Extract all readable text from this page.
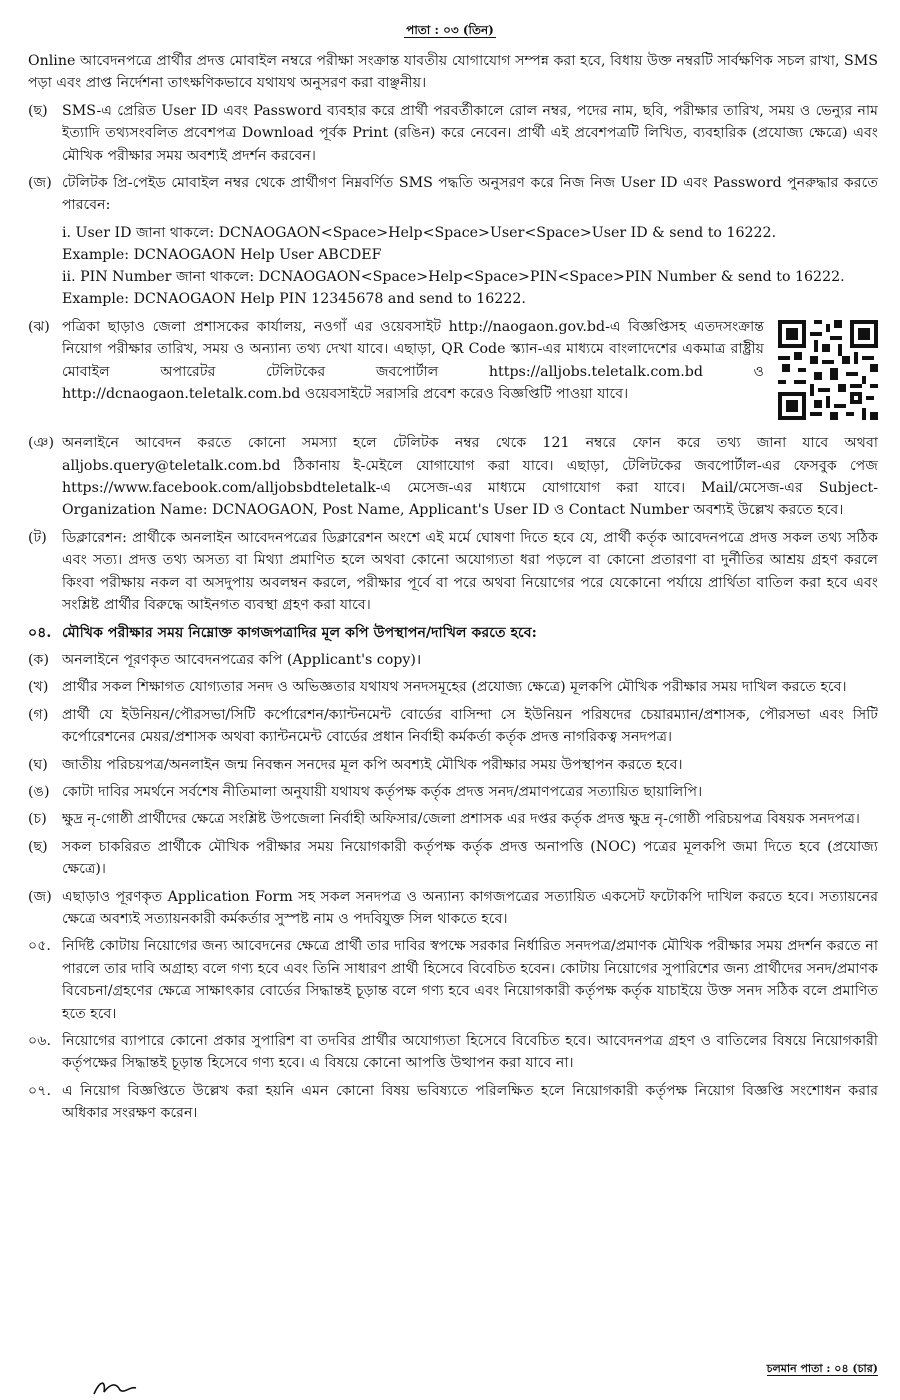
পাতা : ০৩ (তিন)

Online আবেদনপত্রে প্রার্থীর প্রদত্ত মোবাইল নম্বরে পরীক্ষা সংক্রান্ত যাবতীয় যোগাযোগ সম্পন্ন করা হবে, বিধায় উক্ত নম্বরটি সার্বক্ষণিক সচল রাখা, SMS পড়া এবং প্রাপ্ত নির্দেশনা তাৎক্ষণিকভাবে যথাযথ অনুসরণ করা বাঞ্ছনীয়।

(ছ)	SMS-এ প্রেরিত User ID এবং Password ব্যবহার করে প্রার্থী পরবর্তীকালে রোল নম্বর, পদের নাম, ছবি, পরীক্ষার তারিখ, সময় ও ভেন্যুর নাম ইত্যাদি তথ্যসংবলিত প্রবেশপত্র Download পূর্বক Print (রঙিন) করে নেবেন। প্রার্থী এই প্রবেশপত্রটি লিখিত, ব্যবহারিক (প্রযোজ্য ক্ষেত্রে) এবং মৌখিক পরীক্ষার সময় অবশ্যই প্রদর্শন করবেন।
(জ) টেলিটক প্রি-পেইড মোবাইল নম্বর থেকে প্রার্থীগণ নিম্নবর্ণিত SMS পদ্ধতি অনুসরণ করে নিজ নিজ User ID এবং Password পুনরুদ্ধার করতে পারবেন:
i. User ID জানা থাকলে: DCNAOGAON<Space>Help<Space>User<Space>User ID & send to 16222.
Example: DCNAOGAON Help User ABCDEF
ii. PIN Number জানা থাকলে: DCNAOGAON<Space>Help<Space>PIN<Space>PIN Number & send to 16222.
Example: DCNAOGAON Help PIN 12345678 and send to 16222.
(ঝ) পত্রিকা ছাড়াও জেলা প্রশাসকের কার্যালয়, নওগাঁ এর ওয়েবসাইট http://naogaon.gov.bd-এ বিজ্ঞপ্তিসহ এতদসংক্রান্ত নিয়োগ পরীক্ষার তারিখ, সময় ও অন্যান্য তথ্য দেখা যাবে। এছাড়া, QR Code স্ক্যান-এর মাধ্যমে বাংলাদেশের একমাত্র রাষ্ট্রীয় মোবাইল অপারেটর টেলিটকের জবপোর্টাল https://alljobs.teletalk.com.bd ও http://dcnaogaon.teletalk.com.bd ওয়েবসাইটে সরাসরি প্রবেশ করেও বিজ্ঞপ্তিটি পাওয়া যাবে।
(ঞ) অনলাইনে আবেদন করতে কোনো সমস্যা হলে টেলিটক নম্বর থেকে 121 নম্বরে ফোন করে তথ্য জানা যাবে অথবা alljobs.query@teletalk.com.bd ঠিকানায় ই-মেইলে যোগাযোগ করা যাবে। এছাড়া, টেলিটকের জবপোর্টাল-এর ফেসবুক পেজ https://www.facebook.com/alljobsbdteletalk-এ মেসেজ-এর মাধ্যমে যোগাযোগ করা যাবে। Mail/মেসেজ-এর Subject-Organization Name: DCNAOGAON, Post Name, Applicant's User ID ও Contact Number অবশ্যই উল্লেখ করতে হবে।
(ট)	ডিক্লারেশন: প্রার্থীকে অনলাইন আবেদনপত্রের ডিক্লারেশন অংশে এই মর্মে ঘোষণা দিতে হবে যে, প্রার্থী কর্তৃক আবেদনপত্রে প্রদত্ত সকল তথ্য সঠিক এবং সত্য। প্রদত্ত তথ্য অসত্য বা মিথ্যা প্রমাণিত হলে অথবা কোনো অযোগ্যতা ধরা পড়লে বা কোনো প্রতারণা বা দুর্নীতির আশ্রয় গ্রহণ করলে কিংবা পরীক্ষায় নকল বা অসদুপায় অবলম্বন করলে, পরীক্ষার পূর্বে বা পরে অথবা নিয়োগের পরে যেকোনো পর্যায়ে প্রার্থিতা বাতিল করা হবে এবং সংশ্লিষ্ট প্রার্থীর বিরুদ্ধে আইনগত ব্যবস্থা গ্রহণ করা যাবে।
০৪. মৌখিক পরীক্ষার সময় নিম্নোক্ত কাগজপত্রাদির মূল কপি উপস্থাপন/দাখিল করতে হবে:
(ক) অনলাইনে পূরণকৃত আবেদনপত্রের কপি (Applicant's copy)।
(খ) প্রার্থীর সকল শিক্ষাগত যোগ্যতার সনদ ও অভিজ্ঞতার যথাযথ সনদসমূহের (প্রযোজ্য ক্ষেত্রে) মূলকপি মৌখিক পরীক্ষার সময় দাখিল করতে হবে।
(গ) প্রার্থী যে ইউনিয়ন/পৌরসভা/সিটি কর্পোরেশন/ক্যান্টনমেন্ট বোর্ডের বাসিন্দা সে ইউনিয়ন পরিষদের চেয়ারম্যান/প্রশাসক, পৌরসভা এবং সিটি কর্পোরেশনের মেয়র/প্রশাসক অথবা ক্যান্টনমেন্ট বোর্ডের প্রধান নির্বাহী কর্মকর্তা কর্তৃক প্রদত্ত নাগরিকত্ব সনদপত্র।
(ঘ) জাতীয় পরিচয়পত্র/অনলাইন জন্ম নিবন্ধন সনদের মূল কপি অবশ্যই মৌখিক পরীক্ষার সময় উপস্থাপন করতে হবে।
(ঙ) কোটা দাবির সমর্থনে সর্বশেষ নীতিমালা অনুযায়ী যথাযথ কর্তৃপক্ষ কর্তৃক প্রদত্ত সনদ/প্রমাণপত্রের সত্যায়িত ছায়ালিপি।
(চ)	ক্ষুদ্র নৃ-গোষ্ঠী প্রার্থীদের ক্ষেত্রে সংশ্লিষ্ট উপজেলা নির্বাহী অফিসার/জেলা প্রশাসক এর দপ্তর কর্তৃক প্রদত্ত ক্ষুদ্র নৃ-গোষ্ঠী পরিচয়পত্র বিষয়ক সনদপত্র।
(ছ)	সকল চাকরিরত প্রার্থীকে মৌখিক পরীক্ষার সময় নিয়োগকারী কর্তৃপক্ষ কর্তৃক প্রদত্ত অনাপত্তি (NOC) পত্রের মূলকপি জমা দিতে হবে (প্রযোজ্য ক্ষেত্রে)।
(জ) এছাড়াও পূরণকৃত Application Form সহ সকল সনদপত্র ও অন্যান্য কাগজপত্রের সত্যায়িত একসেট ফটোকপি দাখিল করতে হবে। সত্যায়নের ক্ষেত্রে অবশ্যই সত্যায়নকারী কর্মকর্তার সুস্পষ্ট নাম ও পদবিযুক্ত সিল থাকতে হবে।
০৫. নির্দিষ্ট কোটায় নিয়োগের জন্য আবেদনের ক্ষেত্রে প্রার্থী তার দাবির স্বপক্ষে সরকার নির্ধারিত সনদপত্র/প্রমাণক মৌখিক পরীক্ষার সময় প্রদর্শন করতে না পারলে তার দাবি অগ্রাহ্য বলে গণ্য হবে এবং তিনি সাধারণ প্রার্থী হিসেবে বিবেচিত হবেন। কোটায় নিয়োগের সুপারিশের জন্য প্রার্থীদের সনদ/প্রমাণক বিবেচনা/গ্রহণের ক্ষেত্রে সাক্ষাৎকার বোর্ডের সিদ্ধান্তই চূড়ান্ত বলে গণ্য হবে এবং নিয়োগকারী কর্তৃপক্ষ কর্তৃক যাচাইয়ে উক্ত সনদ সঠিক বলে প্রমাণিত হতে হবে।
০৬. নিয়োগের ব্যাপারে কোনো প্রকার সুপারিশ বা তদবির প্রার্থীর অযোগ্যতা হিসেবে বিবেচিত হবে। আবেদনপত্র গ্রহণ ও বাতিলের বিষয়ে নিয়োগকারী কর্তৃপক্ষের সিদ্ধান্তই চূড়ান্ত হিসেবে গণ্য হবে। এ বিষয়ে কোনো আপত্তি উত্থাপন করা যাবে না।
০৭. এ নিয়োগ বিজ্ঞপ্তিতে উল্লেখ করা হয়নি এমন কোনো বিষয় ভবিষ্যতে পরিলক্ষিত হলে নিয়োগকারী কর্তৃপক্ষ নিয়োগ বিজ্ঞপ্তি সংশোধন করার অধিকার সংরক্ষণ করেন।
চলমান পাতা : ০৪ (চার)
